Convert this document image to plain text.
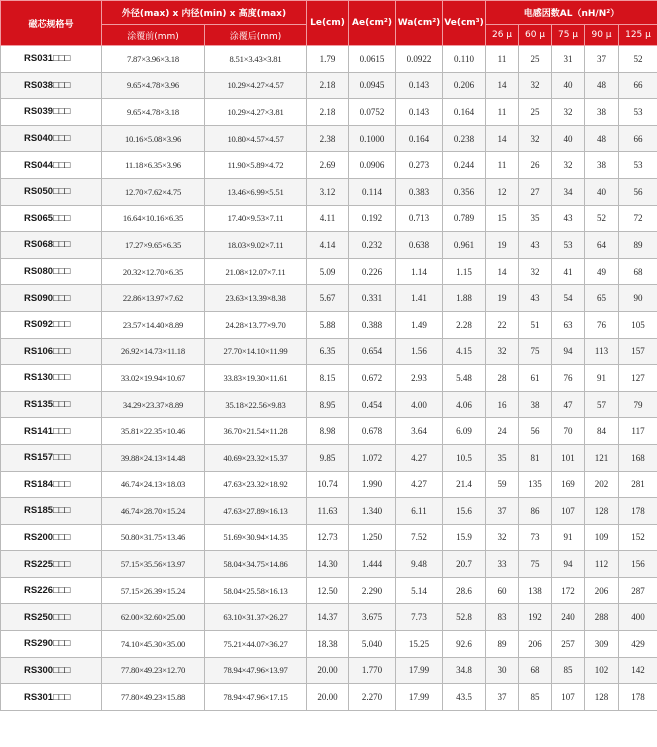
磁芯规格号	外径(max) x 内径(min) x 高度(max)		Le(cm)	Ae(cm²)	Wa(cm²)	Ve(cm³)	电感因数AL（nH/N²）				
	涂覆前(mm)	涂覆后(mm)					26 μ	60 μ	75 μ	90 μ	125 μ
RS031□□□	7.87×3.96×3.18	8.51×3.43×3.81	1.79	0.0615	0.0922	0.110	11	25	31	37	52
RS038□□□	9.65×4.78×3.96	10.29×4.27×4.57	2.18	0.0945	0.143	0.206	14	32	40	48	66
RS039□□□	9.65×4.78×3.18	10.29×4.27×3.81	2.18	0.0752	0.143	0.164	11	25	32	38	53
RS040□□□	10.16×5.08×3.96	10.80×4.57×4.57	2.38	0.1000	0.164	0.238	14	32	40	48	66
RS044□□□	11.18×6.35×3.96	11.90×5.89×4.72	2.69	0.0906	0.273	0.244	11	26	32	38	53
RS050□□□	12.70×7.62×4.75	13.46×6.99×5.51	3.12	0.114	0.383	0.356	12	27	34	40	56
RS065□□□	16.64×10.16×6.35	17.40×9.53×7.11	4.11	0.192	0.713	0.789	15	35	43	52	72
RS068□□□	17.27×9.65×6.35	18.03×9.02×7.11	4.14	0.232	0.638	0.961	19	43	53	64	89
RS080□□□	20.32×12.70×6.35	21.08×12.07×7.11	5.09	0.226	1.14	1.15	14	32	41	49	68
RS090□□□	22.86×13.97×7.62	23.63×13.39×8.38	5.67	0.331	1.41	1.88	19	43	54	65	90
RS092□□□	23.57×14.40×8.89	24.28×13.77×9.70	5.88	0.388	1.49	2.28	22	51	63	76	105
RS106□□□	26.92×14.73×11.18	27.70×14.10×11.99	6.35	0.654	1.56	4.15	32	75	94	113	157
RS130□□□	33.02×19.94×10.67	33.83×19.30×11.61	8.15	0.672	2.93	5.48	28	61	76	91	127
RS135□□□	34.29×23.37×8.89	35.18×22.56×9.83	8.95	0.454	4.00	4.06	16	38	47	57	79
RS141□□□	35.81×22.35×10.46	36.70×21.54×11.28	8.98	0.678	3.64	6.09	24	56	70	84	117
RS157□□□	39.88×24.13×14.48	40.69×23.32×15.37	9.85	1.072	4.27	10.5	35	81	101	121	168
RS184□□□	46.74×24.13×18.03	47.63×23.32×18.92	10.74	1.990	4.27	21.4	59	135	169	202	281
RS185□□□	46.74×28.70×15.24	47.63×27.89×16.13	11.63	1.340	6.11	15.6	37	86	107	128	178
RS200□□□	50.80×31.75×13.46	51.69×30.94×14.35	12.73	1.250	7.52	15.9	32	73	91	109	152
RS225□□□	57.15×35.56×13.97	58.04×34.75×14.86	14.30	1.444	9.48	20.7	33	75	94	112	156
RS226□□□	57.15×26.39×15.24	58.04×25.58×16.13	12.50	2.290	5.14	28.6	60	138	172	206	287
RS250□□□	62.00×32.60×25.00	63.10×31.37×26.27	14.37	3.675	7.73	52.8	83	192	240	288	400
RS290□□□	74.10×45.30×35.00	75.21×44.07×36.27	18.38	5.040	15.25	92.6	89	206	257	309	429
RS300□□□	77.80×49.23×12.70	78.94×47.96×13.97	20.00	1.770	17.99	34.8	30	68	85	102	142
RS301□□□	77.80×49.23×15.88	78.94×47.96×17.15	20.00	2.270	17.99	43.5	37	85	107	128	178
